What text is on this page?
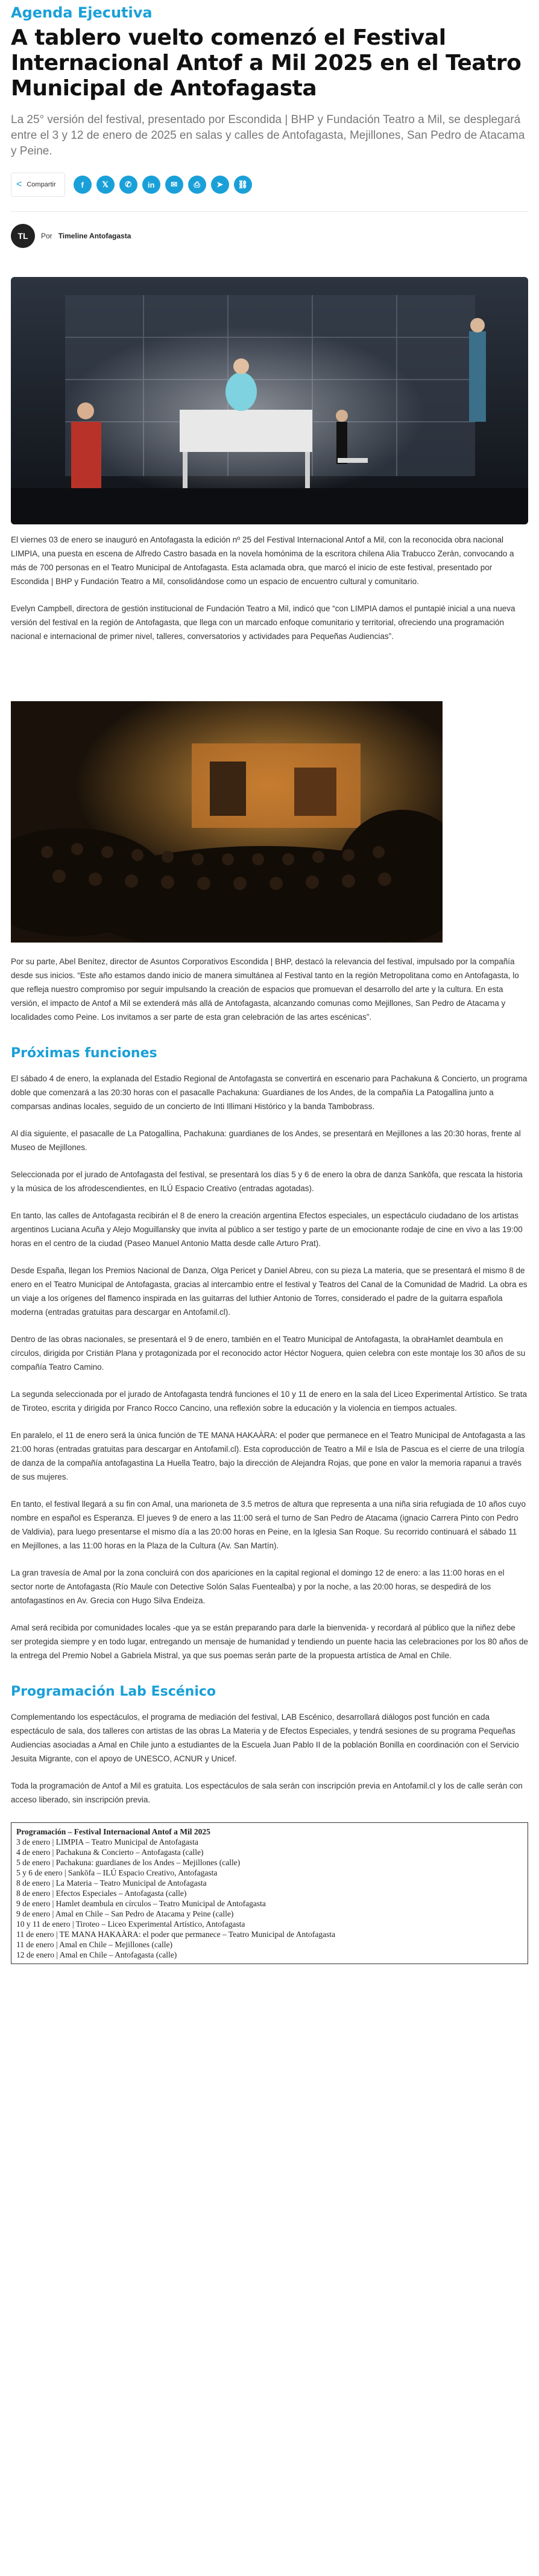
Agenda Ejecutiva
A tablero vuelto comenzó el Festival Internacional Antof a Mil 2025 en el Teatro Municipal de Antofagasta
La 25° versión del festival, presentado por Escondida | BHP y Fundación Teatro a Mil, se desplegará entre el 3 y 12 de enero de 2025 en salas y calles de Antofagasta, Mejillones, San Pedro de Atacama y Peine.
< Compartir	f	𝕏	✆	in	✉	⎙	➤	⛓
TL	Por Timeline Antofagasta

El viernes 03 de enero se inauguró en Antofagasta la edición nº 25 del Festival Internacional Antof a Mil, con la reconocida obra nacional LIMPIA, una puesta en escena de Alfredo Castro basada en la novela homónima de la escritora chilena Alia Trabucco Zerán, convocando a más de 700 personas en el Teatro Municipal de Antofagasta. Esta aclamada obra, que marcó el inicio de este festival, presentado por Escondida | BHP y Fundación Teatro a Mil, consolidándose como un espacio de encuentro cultural y comunitario.

Evelyn Campbell, directora de gestión institucional de Fundación Teatro a Mil, indicó que “con LIMPIA damos el puntapié inicial a una nueva versión del festival en la región de Antofagasta, que llega con un marcado enfoque comunitario y territorial, ofreciendo una programación nacional e internacional de primer nivel, talleres, conversatorios y actividades para Pequeñas Audiencias”.

Por su parte, Abel Benítez, director de Asuntos Corporativos Escondida | BHP, destacó la relevancia del festival, impulsado por la compañía desde sus inicios. “Este año estamos dando inicio de manera simultánea al Festival tanto en la región Metropolitana como en Antofagasta, lo que refleja nuestro compromiso por seguir impulsando la creación de espacios que promuevan el desarrollo del arte y la cultura. En esta versión, el impacto de Antof a Mil se extenderá más allá de Antofagasta, alcanzando comunas como Mejillones, San Pedro de Atacama y localidades como Peine. Los invitamos a ser parte de esta gran celebración de las artes escénicas”.

Próximas funciones

El sábado 4 de enero, la explanada del Estadio Regional de Antofagasta se convertirá en escenario para Pachakuna & Concierto, un programa doble que comenzará a las 20:30 horas con el pasacalle Pachakuna: Guardianes de los Andes, de la compañía La Patogallina junto a comparsas andinas locales, seguido de un concierto de Inti Illimani Histórico y la banda Tambobrass.

Al día siguiente, el pasacalle de La Patogallina, Pachakuna: guardianes de los Andes, se presentará en Mejillones a las 20:30 horas, frente al Museo de Mejillones.

Seleccionada por el jurado de Antofagasta del festival, se presentará los días 5 y 6 de enero la obra de danza Sankōfa, que rescata la historia y la música de los afrodescendientes, en ILÚ Espacio Creativo (entradas agotadas).

En tanto, las calles de Antofagasta recibirán el 8 de enero la creación argentina Efectos especiales, un espectáculo ciudadano de los artistas argentinos Luciana Acuña y Alejo Moguillansky que invita al público a ser testigo y parte de un emocionante rodaje de cine en vivo a las 19:00 horas en el centro de la ciudad (Paseo Manuel Antonio Matta desde calle Arturo Prat).

Desde España, llegan los Premios Nacional de Danza, Olga Pericet y Daniel Abreu, con su pieza La materia, que se presentará el mismo 8 de enero en el Teatro Municipal de Antofagasta, gracias al intercambio entre el festival y Teatros del Canal de la Comunidad de Madrid. La obra es un viaje a los orígenes del flamenco inspirada en las guitarras del luthier Antonio de Torres, considerado el padre de la guitarra española moderna (entradas gratuitas para descargar en Antofamil.cl).

Dentro de las obras nacionales, se presentará el 9 de enero, también en el Teatro Municipal de Antofagasta, la obraHamlet deambula en círculos, dirigida por Cristián Plana y protagonizada por el reconocido actor Héctor Noguera, quien celebra con este montaje los 30 años de su compañía Teatro Camino.

La segunda seleccionada por el jurado de Antofagasta tendrá funciones el 10 y 11 de enero en la sala del Liceo Experimental Artístico. Se trata de Tiroteo, escrita y dirigida por Franco Rocco Cancino, una reflexión sobre la educación y la violencia en tiempos actuales.

En paralelo, el 11 de enero será la única función de TE MANA HAKAÀRA: el poder que permanece en el Teatro Municipal de Antofagasta a las 21:00 horas (entradas gratuitas para descargar en Antofamil.cl). Esta coproducción de Teatro a Mil e Isla de Pascua es el cierre de una trilogía de danza de la compañía antofagastina La Huella Teatro, bajo la dirección de Alejandra Rojas, que pone en valor la memoria rapanui a través de sus mujeres.

En tanto, el festival llegará a su fin con Amal, una marioneta de 3.5 metros de altura que representa a una niña siria refugiada de 10 años cuyo nombre en español es Esperanza. El jueves 9 de enero a las 11:00 será el turno de San Pedro de Atacama (ignacio Carrera Pinto con Pedro de Valdivia), para luego presentarse el mismo día a las 20:00 horas en Peine, en la Iglesia San Roque. Su recorrido continuará el sábado 11 en Mejillones, a las 11:00 horas en la Plaza de la Cultura (Av. San Martín).

La gran travesía de Amal por la zona concluirá con dos apariciones en la capital regional el domingo 12 de enero: a las 11:00 horas en el sector norte de Antofagasta (Río Maule con Detective Solón Salas Fuentealba) y por la noche, a las 20:00 horas, se despedirá de los antofagastinos en Av. Grecia con Hugo Silva Endeiza.

Amal será recibida por comunidades locales -que ya se están preparando para darle la bienvenida- y recordará al público que la niñez debe ser protegida siempre y en todo lugar, entregando un mensaje de humanidad y tendiendo un puente hacia las celebraciones por los 80 años de la entrega del Premio Nobel a Gabriela Mistral, ya que sus poemas serán parte de la propuesta artística de Amal en Chile.

Programación Lab Escénico

Complementando los espectáculos, el programa de mediación del festival, LAB Escénico, desarrollará diálogos post función en cada espectáculo de sala, dos talleres con artistas de las obras La Materia y de Efectos Especiales, y tendrá sesiones de su programa Pequeñas Audiencias asociadas a Amal en Chile junto a estudiantes de la Escuela Juan Pablo II de la población Bonilla en coordinación con el Servicio Jesuita Migrante, con el apoyo de UNESCO, ACNUR y Unicef.

Toda la programación de Antof a Mil es gratuita. Los espectáculos de sala serán con inscripción previa en Antofamil.cl y los de calle serán con acceso liberado, sin inscripción previa.

Programación – Festival Internacional Antof a Mil 2025
3 de enero | LIMPIA – Teatro Municipal de Antofagasta
4 de enero | Pachakuna & Concierto – Antofagasta (calle)
5 de enero | Pachakuna: guardianes de los Andes – Mejillones (calle)
5 y 6 de enero | Sankōfa – ILÚ Espacio Creativo, Antofagasta
8 de enero | La Materia – Teatro Municipal de Antofagasta
8 de enero | Efectos Especiales – Antofagasta (calle)
9 de enero | Hamlet deambula en círculos – Teatro Municipal de Antofagasta
9 de enero | Amal en Chile – San Pedro de Atacama y Peine (calle)
10 y 11 de enero | Tiroteo – Liceo Experimental Artístico, Antofagasta
11 de enero | TE MANA HAKAÀRA: el poder que permanece – Teatro Municipal de Antofagasta
11 de enero | Amal en Chile – Mejillones (calle)
12 de enero | Amal en Chile – Antofagasta (calle)
